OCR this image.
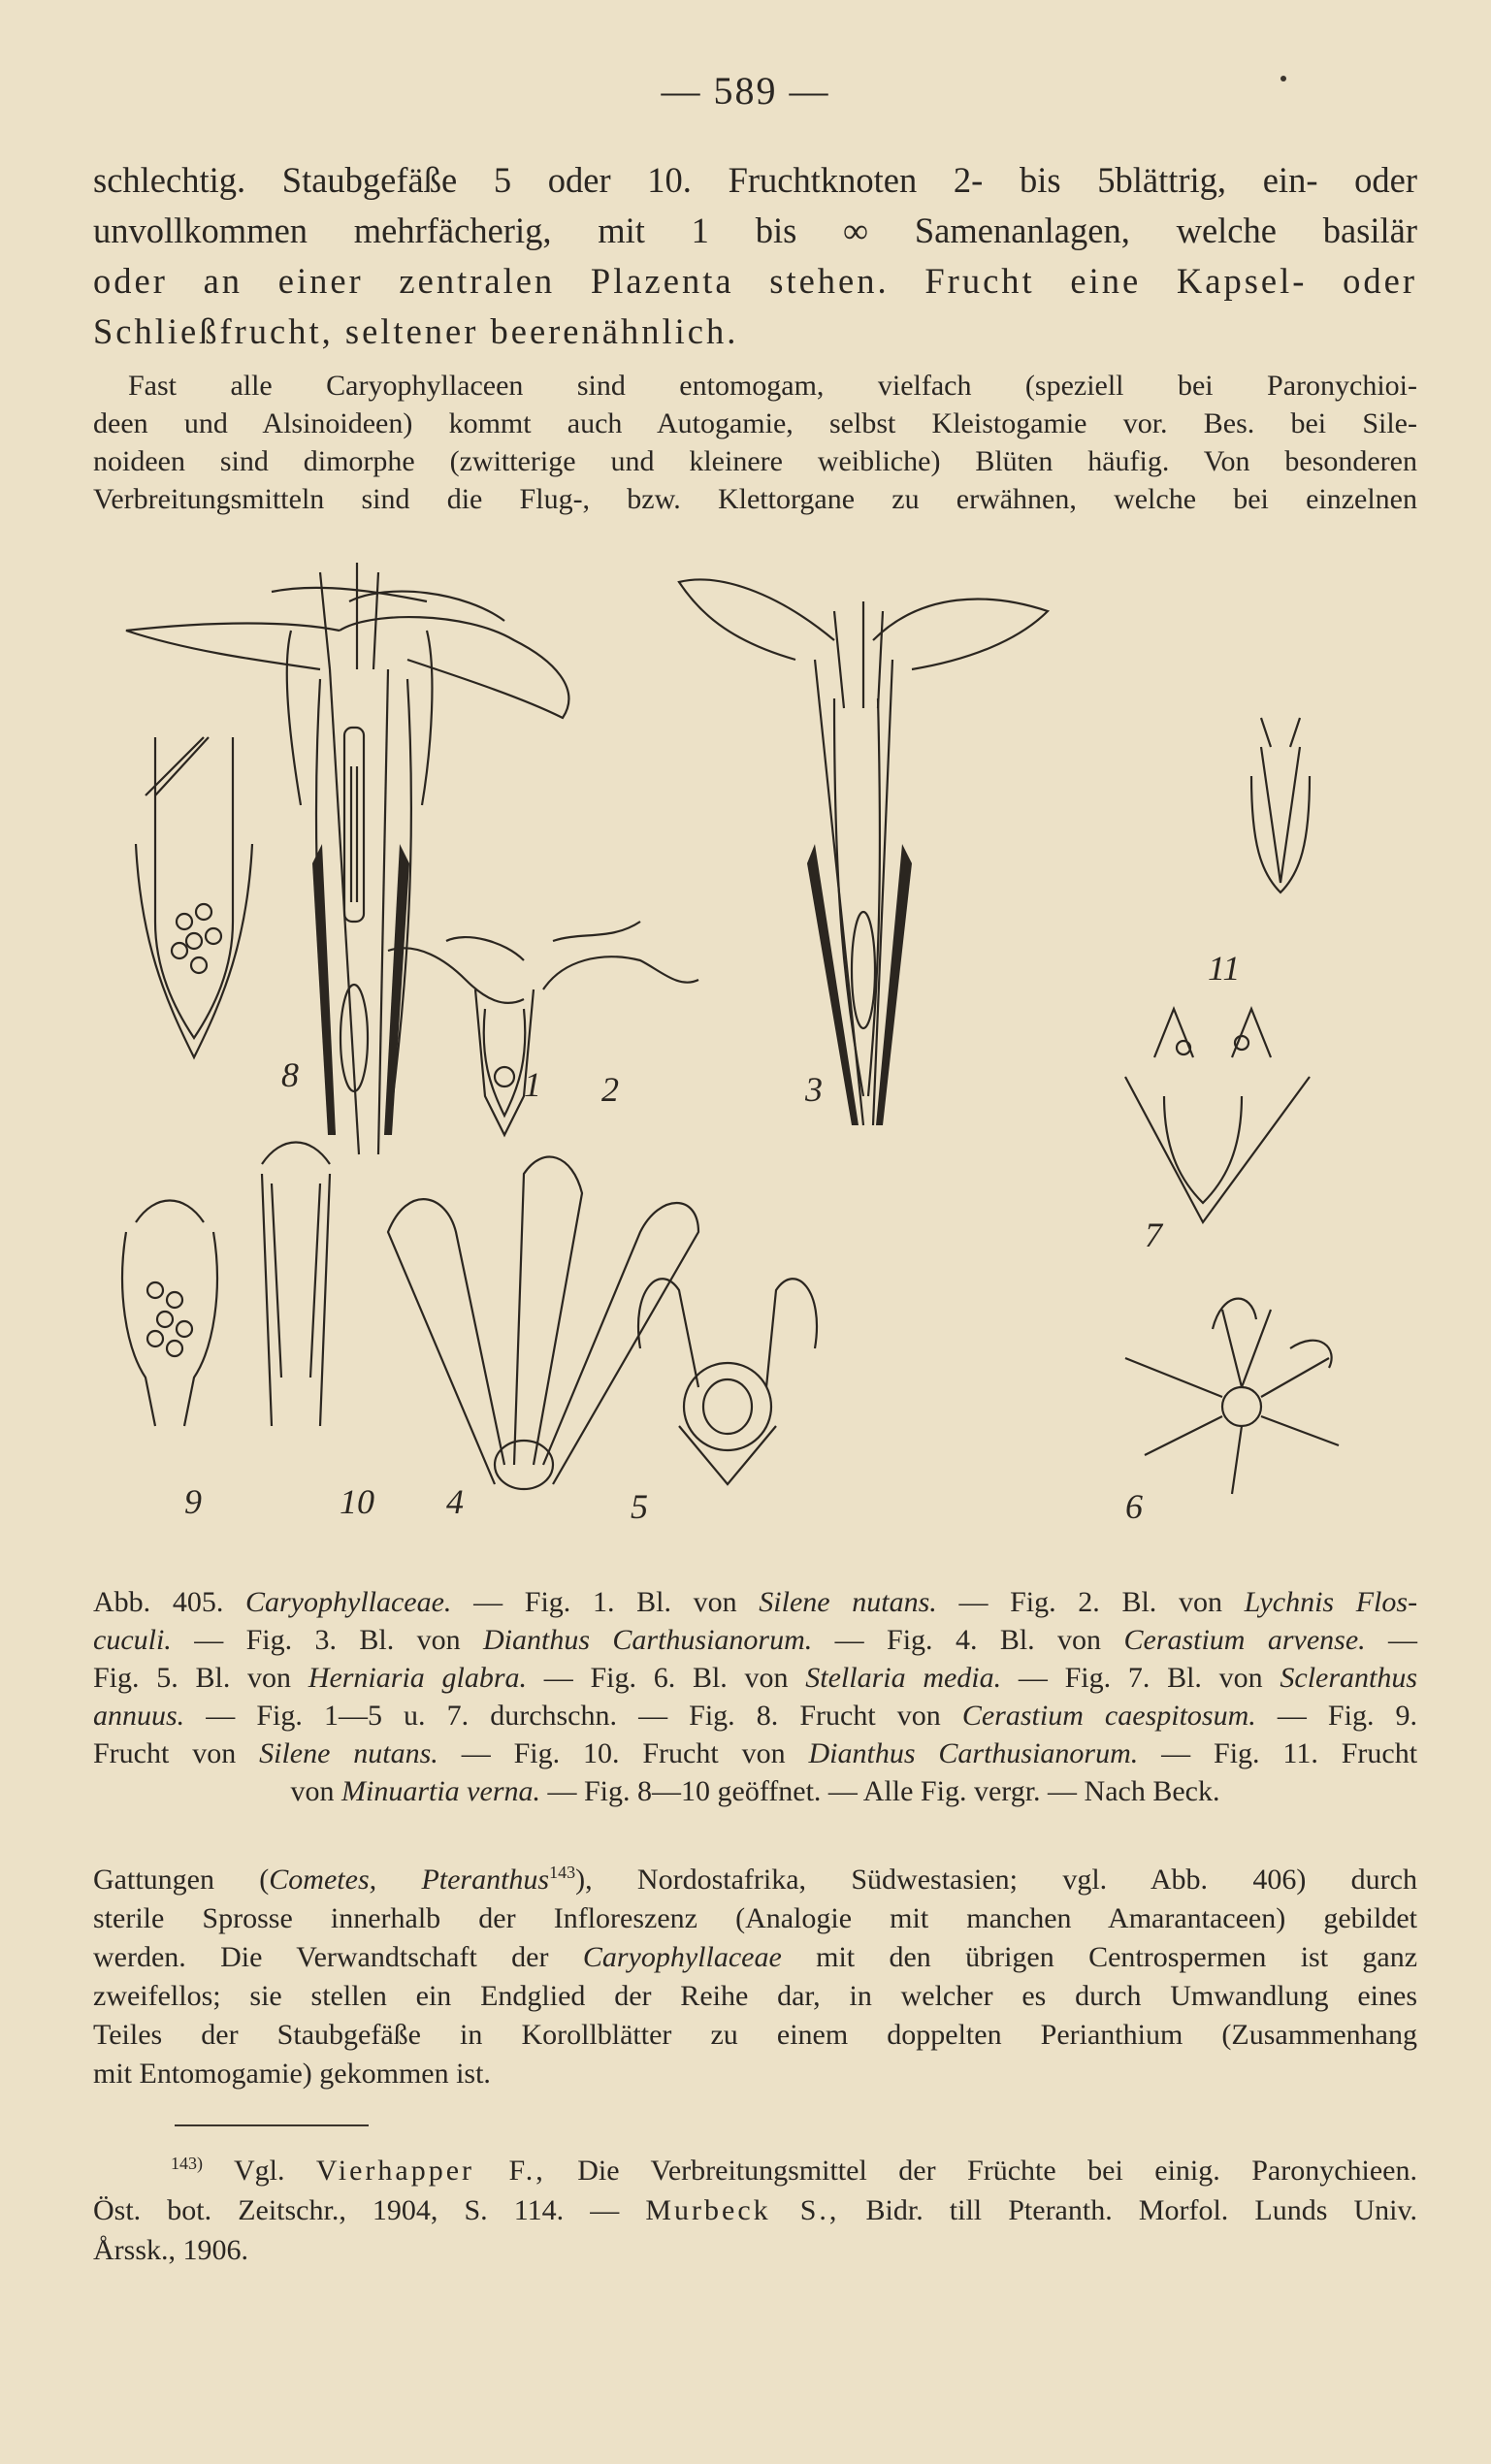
— 589 —
schlechtig. Staubgefäße 5 oder 10. Fruchtknoten 2- bis 5blättrig, ein- oder
unvollkommen mehrfächerig, mit 1 bis ∞ Samenanlagen, welche basilär
oder an einer zentralen Plazenta stehen. Frucht eine Kapsel- oder
Schließfrucht, seltener beerenähnlich.
Fast alle Caryophyllaceen sind entomogam, vielfach (speziell bei Paronychioi-
deen und Alsinoideen) kommt auch Autogamie, selbst Kleistogamie vor. Bes. bei Sile-
noideen sind dimorphe (zwitterige und kleinere weibliche) Blüten häufig. Von besonderen
Verbreitungsmitteln sind die Flug-, bzw. Klettorgane zu erwähnen, welche bei einzelnen
1	3
2
4	5	6
7
8
9	10
11
Abb. 405. Caryophyllaceae. — Fig. 1. Bl. von Silene nutans. — Fig. 2. Bl. von Lychnis Flos-
cuculi. — Fig. 3. Bl. von Dianthus Carthusianorum. — Fig. 4. Bl. von Cerastium arvense. —
Fig. 5. Bl. von Herniaria glabra. — Fig. 6. Bl. von Stellaria media. — Fig. 7. Bl. von Scleranthus
annuus. — Fig. 1—5 u. 7. durchschn. — Fig. 8. Frucht von Cerastium caespitosum. — Fig. 9.
Frucht von Silene nutans. — Fig. 10. Frucht von Dianthus Carthusianorum. — Fig. 11. Frucht
von Minuartia verna. — Fig. 8—10 geöffnet. — Alle Fig. vergr. — Nach Beck.
Gattungen (Cometes, Pteranthus$^{143}$), Nordostafrika, Südwestasien; vgl. Abb. 406) durch
sterile Sprosse innerhalb der Infloreszenz (Analogie mit manchen Amarantaceen) gebildet
werden. Die Verwandtschaft der Caryophyllaceae mit den übrigen Centrospermen ist ganz
zweifellos; sie stellen ein Endglied der Reihe dar, in welcher es durch Umwandlung eines
Teiles der Staubgefäße in Korollblätter zu einem doppelten Perianthium (Zusammenhang
mit Entomogamie) gekommen ist.
$^{143)}$ Vgl. Vierhapper F., Die Verbreitungsmittel der Früchte bei einig. Paronychieen.
Öst. bot. Zeitschr., 1904, S. 114. — Murbeck S., Bidr. till Pteranth. Morfol. Lunds Univ.
Årssk., 1906.
